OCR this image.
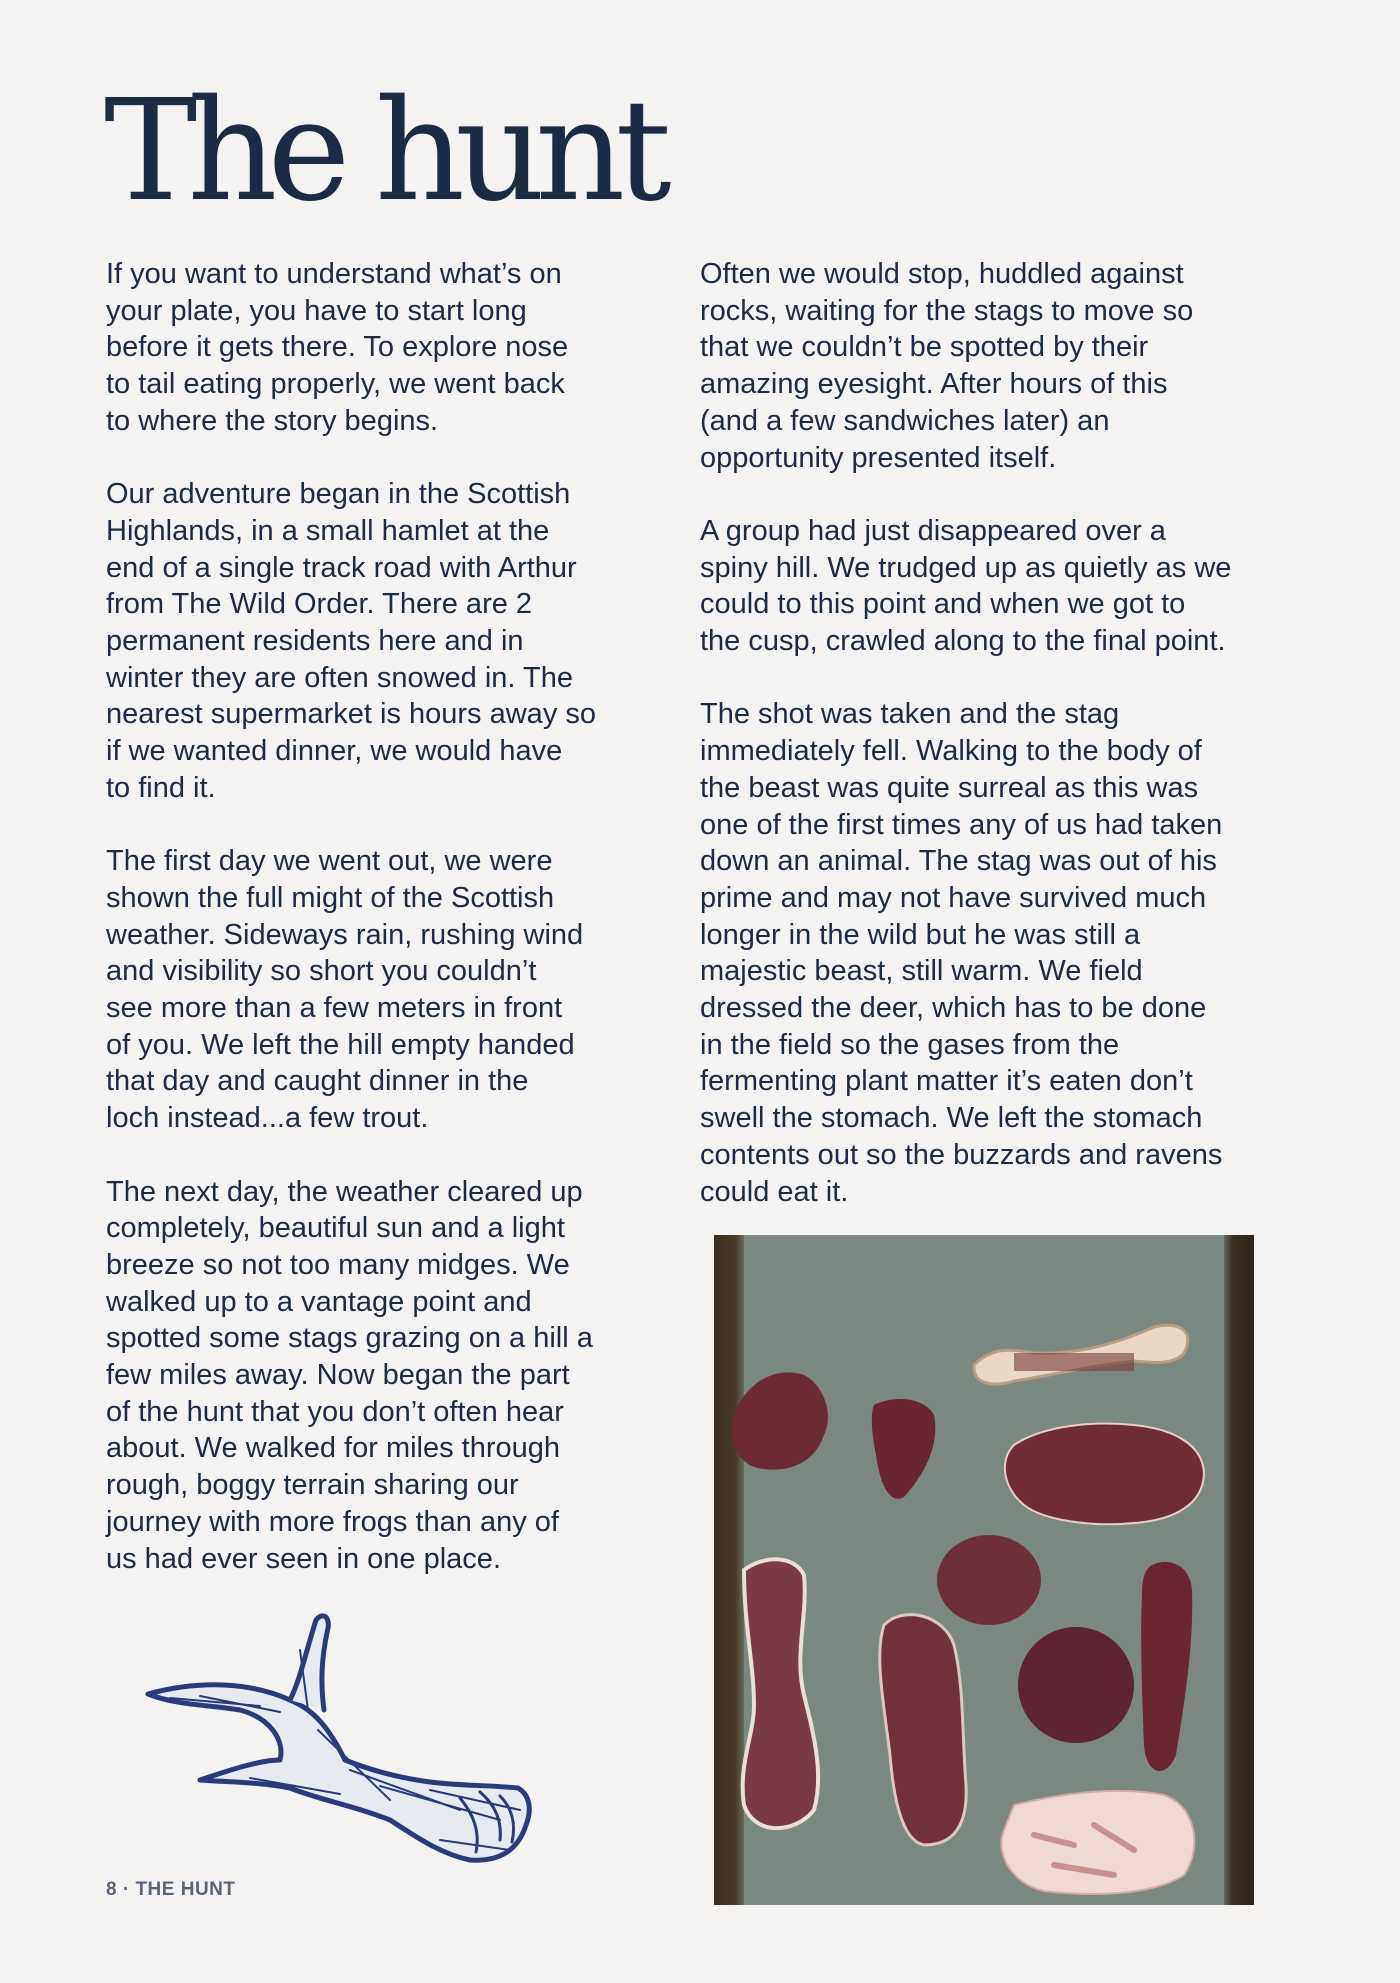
The hunt

If you want to understand what’s on
your plate, you have to start long
before it gets there. To explore nose
to tail eating properly, we went back
to where the story begins.

Our adventure began in the Scottish
Highlands, in a small hamlet at the
end of a single track road with Arthur
from The Wild Order. There are 2
permanent residents here and in
winter they are often snowed in. The
nearest supermarket is hours away so
if we wanted dinner, we would have
to find it.

The first day we went out, we were
shown the full might of the Scottish
weather. Sideways rain, rushing wind
and visibility so short you couldn’t
see more than a few meters in front
of you. We left the hill empty handed
that day and caught dinner in the
loch instead...a few trout.

The next day, the weather cleared up
completely, beautiful sun and a light
breeze so not too many midges. We
walked up to a vantage point and
spotted some stags grazing on a hill a
few miles away. Now began the part
of the hunt that you don’t often hear
about. We walked for miles through
rough, boggy terrain sharing our
journey with more frogs than any of
us had ever seen in one place.

Often we would stop, huddled against
rocks, waiting for the stags to move so
that we couldn’t be spotted by their
amazing eyesight. After hours of this
(and a few sandwiches later) an
opportunity presented itself.

A group had just disappeared over a
spiny hill. We trudged up as quietly as we
could to this point and when we got to
the cusp, crawled along to the final point.

The shot was taken and the stag
immediately fell. Walking to the body of
the beast was quite surreal as this was
one of the first times any of us had taken
down an animal. The stag was out of his
prime and may not have survived much
longer in the wild but he was still a
majestic beast, still warm. We field
dressed the deer, which has to be done
in the field so the gases from the
fermenting plant matter it’s eaten don’t
swell the stomach. We left the stomach
contents out so the buzzards and ravens
could eat it.

8 · THE HUNT
